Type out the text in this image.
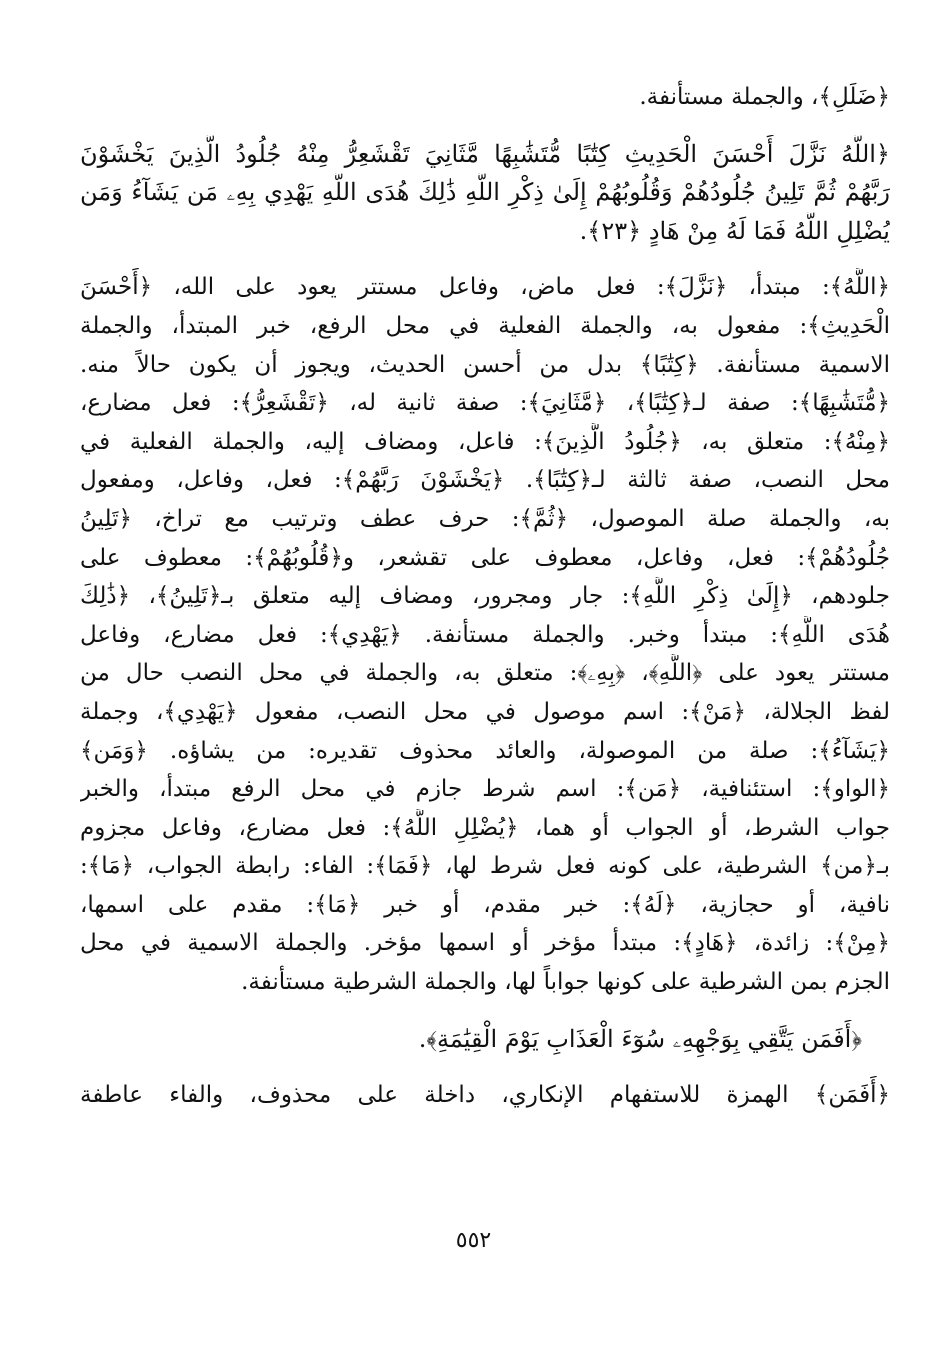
﴿ضَلَلِ﴾، والجملة مستأنفة.
﴿اللَّهُ نَزَّلَ أَحْسَنَ الْحَدِيثِ كِتَٰبًا مُّتَشَٰبِهًا مَّثَانِيَ تَقْشَعِرُّ مِنْهُ جُلُودُ الَّذِينَ يَخْشَوْنَ
رَبَّهُمْ ثُمَّ تَلِينُ جُلُودُهُمْ وَقُلُوبُهُمْ إِلَىٰ ذِكْرِ اللَّهِ ذَٰلِكَ هُدَى اللَّهِ يَهْدِي بِهِۦ مَن يَشَآءُ وَمَن
يُضْلِلِ اللَّهُ فَمَا لَهُ مِنْ هَادٍ ﴿٢٣﴾.
﴿اللَّهُ﴾: مبتدأ، ﴿نَزَّلَ﴾: فعل ماض، وفاعل مستتر يعود على الله، ﴿أَحْسَنَ
الْحَدِيثِ﴾: مفعول به، والجملة الفعلية في محل الرفع، خبر المبتدأ، والجملة
الاسمية مستأنفة. ﴿كِتَٰبًا﴾ بدل من أحسن الحديث، ويجوز أن يكون حالاً منه.
﴿مُّتَشَٰبِهًا﴾: صفة لـ﴿كِتَٰبًا﴾، ﴿مَّثَانِيَ﴾: صفة ثانية له، ﴿تَقْشَعِرُّ﴾: فعل مضارع،
﴿مِنْهُ﴾: متعلق به، ﴿جُلُودُ الَّذِينَ﴾: فاعل، ومضاف إليه، والجملة الفعلية في
محل النصب، صفة ثالثة لـ﴿كِتَٰبًا﴾. ﴿يَخْشَوْنَ رَبَّهُمْ﴾: فعل، وفاعل، ومفعول
به، والجملة صلة الموصول، ﴿ثُمَّ﴾: حرف عطف وترتيب مع تراخ، ﴿تَلِينُ
جُلُودُهُمْ﴾: فعل، وفاعل، معطوف على تقشعر، و﴿قُلُوبُهُمْ﴾: معطوف على
جلودهم، ﴿إِلَىٰ ذِكْرِ اللَّهِ﴾: جار ومجرور، ومضاف إليه متعلق بـ﴿تَلِينُ﴾، ﴿ذَٰلِكَ
هُدَى اللَّهِ﴾: مبتدأ وخبر. والجملة مستأنفة. ﴿يَهْدِي﴾: فعل مضارع، وفاعل
مستتر يعود على ﴿اللَّهِ﴾، ﴿بِهِۦ﴾: متعلق به، والجملة في محل النصب حال من
لفظ الجلالة، ﴿مَنْ﴾: اسم موصول في محل النصب، مفعول ﴿يَهْدِي﴾، وجملة
﴿يَشَآءُ﴾: صلة من الموصولة، والعائد محذوف تقديره: من يشاؤه. ﴿وَمَن﴾
﴿الواو﴾: استئنافية، ﴿مَن﴾: اسم شرط جازم في محل الرفع مبتدأ، والخبر
جواب الشرط، أو الجواب أو هما، ﴿يُضْلِلِ اللَّهُ﴾: فعل مضارع، وفاعل مجزوم
بـ﴿من﴾ الشرطية، على كونه فعل شرط لها، ﴿فَمَا﴾: الفاء: رابطة الجواب، ﴿مَا﴾:
نافية، أو حجازية، ﴿لَهُ﴾: خبر مقدم، أو خبر ﴿مَا﴾: مقدم على اسمها،
﴿مِنْ﴾: زائدة، ﴿هَادٍ﴾: مبتدأ مؤخر أو اسمها مؤخر. والجملة الاسمية في محل
الجزم بمن الشرطية على كونها جواباً لها، والجملة الشرطية مستأنفة.
﴿أَفَمَن يَتَّقِي بِوَجْهِهِۦ سُوٓءَ الْعَذَابِ يَوْمَ الْقِيَٰمَةِ﴾.
﴿أَفَمَن﴾ الهمزة للاستفهام الإنكاري، داخلة على محذوف، والفاء عاطفة
٥٥٢
